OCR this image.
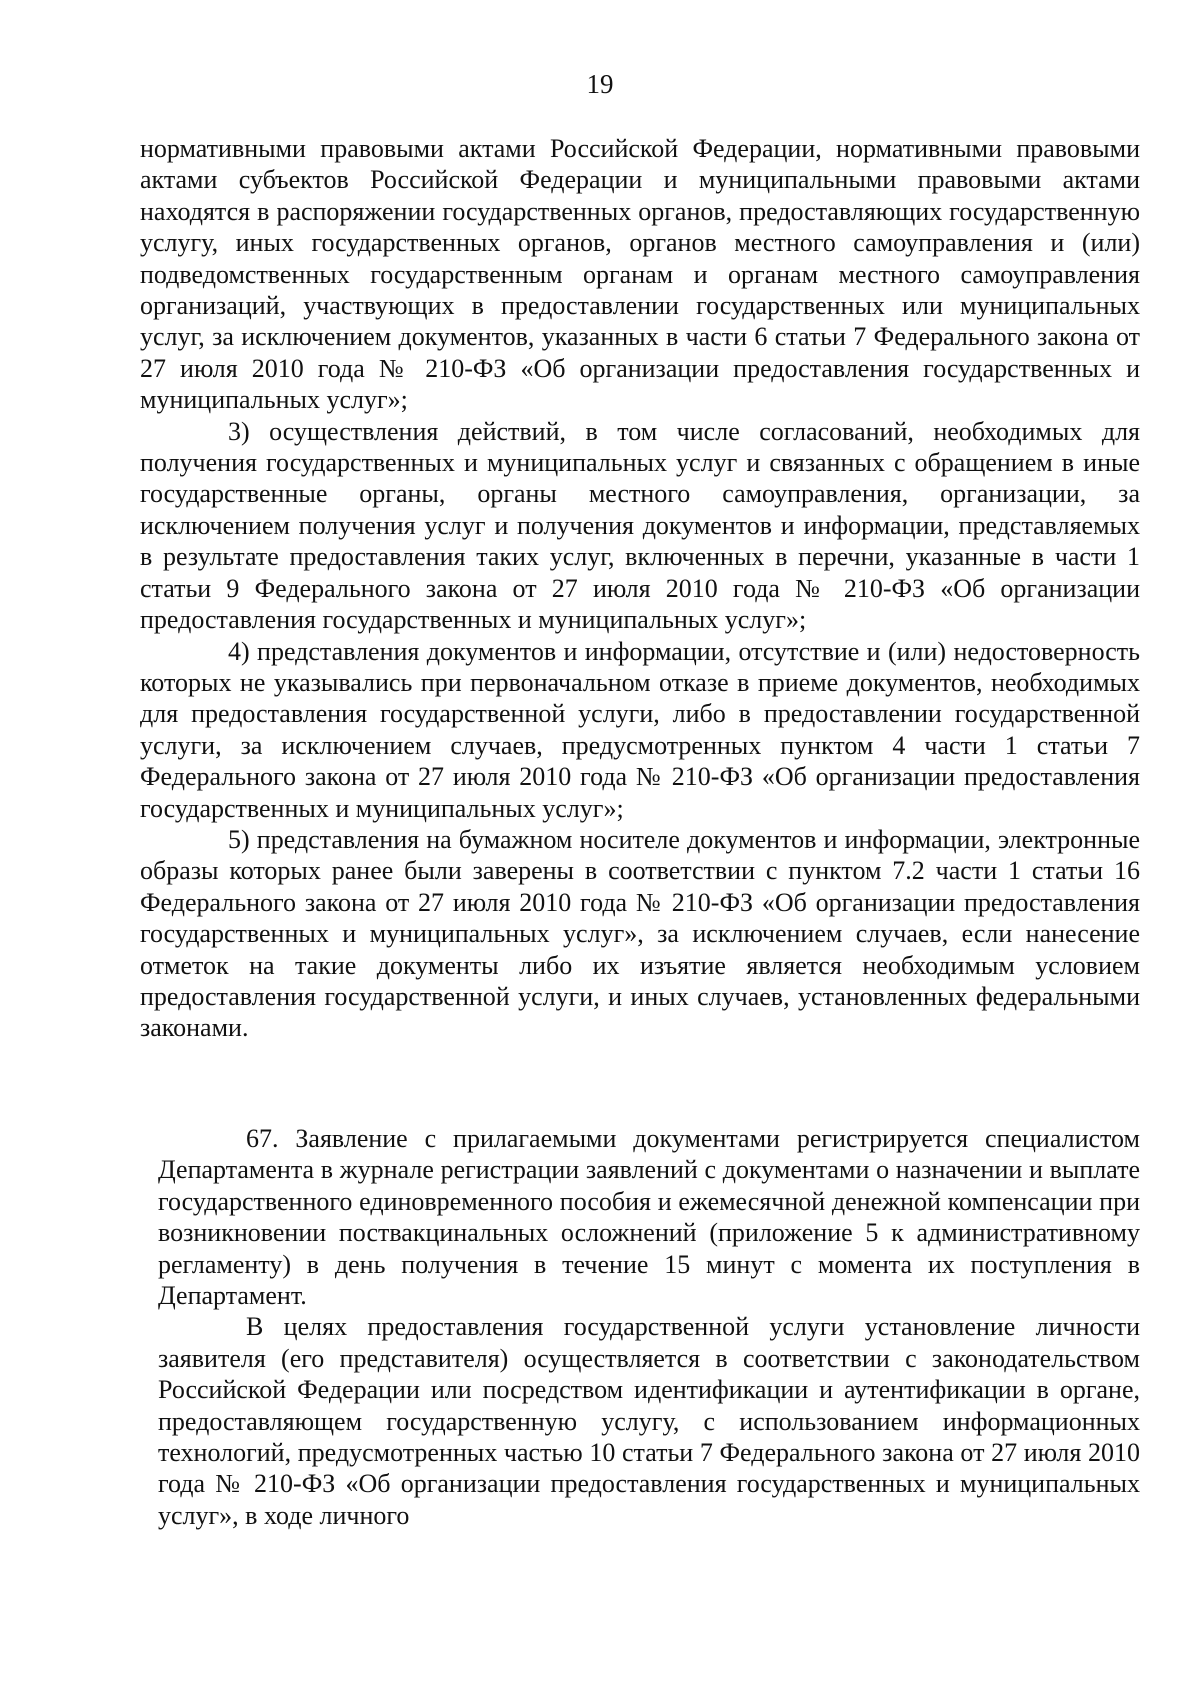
19

нормативными правовыми актами Российской Федерации, нормативными правовыми актами субъектов Российской Федерации и муниципальными правовыми актами находятся в распоряжении государственных органов, предоставляющих государственную услугу, иных государственных органов, органов местного самоуправления и (или) подведомственных государственным органам и органам местного самоуправления организаций, участвующих в предоставлении государственных или муниципальных услуг, за исключением документов, указанных в части 6 статьи 7 Федерального закона от 27 июля 2010 года № 210-ФЗ «Об организации предоставления государственных и муниципальных услуг»;

3) осуществления действий, в том числе согласований, необходимых для получения государственных и муниципальных услуг и связанных с обращением в иные государственные органы, органы местного самоуправления, организации, за исключением получения услуг и получения документов и информации, представляемых в результате предоставления таких услуг, включенных в перечни, указанные в части 1 статьи 9 Федерального закона от 27 июля 2010 года № 210-ФЗ «Об организации предоставления государственных и муниципальных услуг»;

4) представления документов и информации, отсутствие и (или) недостоверность которых не указывались при первоначальном отказе в приеме документов, необходимых для предоставления государственной услуги, либо в предоставлении государственной услуги, за исключением случаев, предусмотренных пунктом 4 части 1 статьи 7 Федерального закона от 27 июля 2010 года № 210-ФЗ «Об организации предоставления государственных и муниципальных услуг»;

5) представления на бумажном носителе документов и информации, электронные образы которых ранее были заверены в соответствии с пунктом 7.2 части 1 статьи 16 Федерального закона от 27 июля 2010 года № 210-ФЗ «Об организации предоставления государственных и муниципальных услуг», за исключением случаев, если нанесение отметок на такие документы либо их изъятие является необходимым условием предоставления государственной услуги, и иных случаев, установленных федеральными законами.

67. Заявление с прилагаемыми документами регистрируется специалистом Департамента в журнале регистрации заявлений с документами о назначении и выплате государственного единовременного пособия и ежемесячной денежной компенсации при возникновении поствакцинальных осложнений (приложение 5 к административному регламенту) в день получения в течение 15 минут с момента их поступления в Департамент.

В целях предоставления государственной услуги установление личности заявителя (его представителя) осуществляется в соответствии с законодательством Российской Федерации или посредством идентификации и аутентификации в органе, предоставляющем государственную услугу, с использованием информационных технологий, предусмотренных частью 10 статьи 7 Федерального закона от 27 июля 2010 года № 210-ФЗ «Об организации предоставления государственных и муниципальных услуг», в ходе личного
